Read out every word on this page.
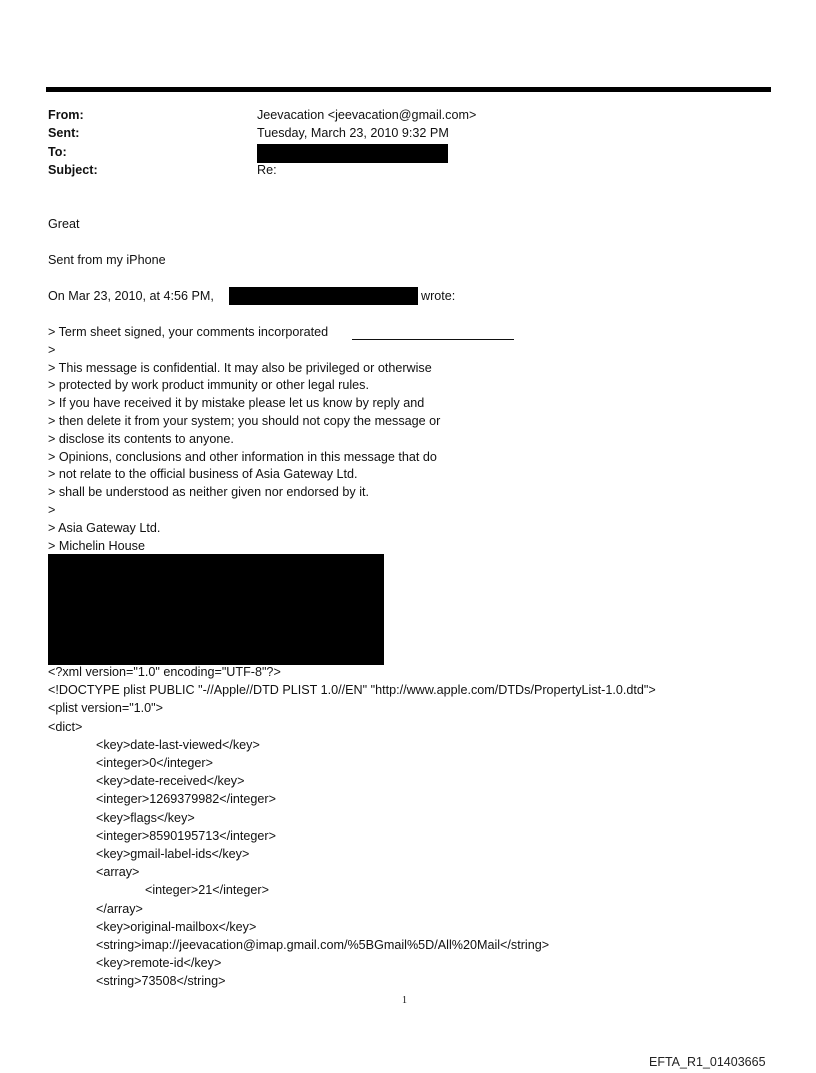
From:	Jeevacation <jeevacation@gmail.com>
Sent:	Tuesday, March 23, 2010 9:32 PM
To:
Subject:	Re:
Great
Sent from my iPhone
On Mar 23, 2010, at 4:56 PM,	wrote:
> Term sheet signed, your comments incorporated
>
> This message is confidential. It may also be privileged or otherwise
> protected by work product immunity or other legal rules.
> If you have received it by mistake please let us know by reply and
> then delete it from your system; you should not copy the message or
> disclose its contents to anyone.
> Opinions, conclusions and other information in this message that do
> not relate to the official business of Asia Gateway Ltd.
> shall be understood as neither given nor endorsed by it.
>
> Asia Gateway Ltd.
> Michelin House
<?xml version="1.0" encoding="UTF-8"?>
<!DOCTYPE plist PUBLIC "-//Apple//DTD PLIST 1.0//EN" "http://www.apple.com/DTDs/PropertyList-1.0.dtd">
<plist version="1.0">
<dict>
<key>date-last-viewed</key>
<integer>0</integer>
<key>date-received</key>
<integer>1269379982</integer>
<key>flags</key>
<integer>8590195713</integer>
<key>gmail-label-ids</key>
<array>
<integer>21</integer>
</array>
<key>original-mailbox</key>
<string>imap://jeevacation@imap.gmail.com/%5BGmail%5D/All%20Mail</string>
<key>remote-id</key>
<string>73508</string>
1
EFTA_R1_01403665
